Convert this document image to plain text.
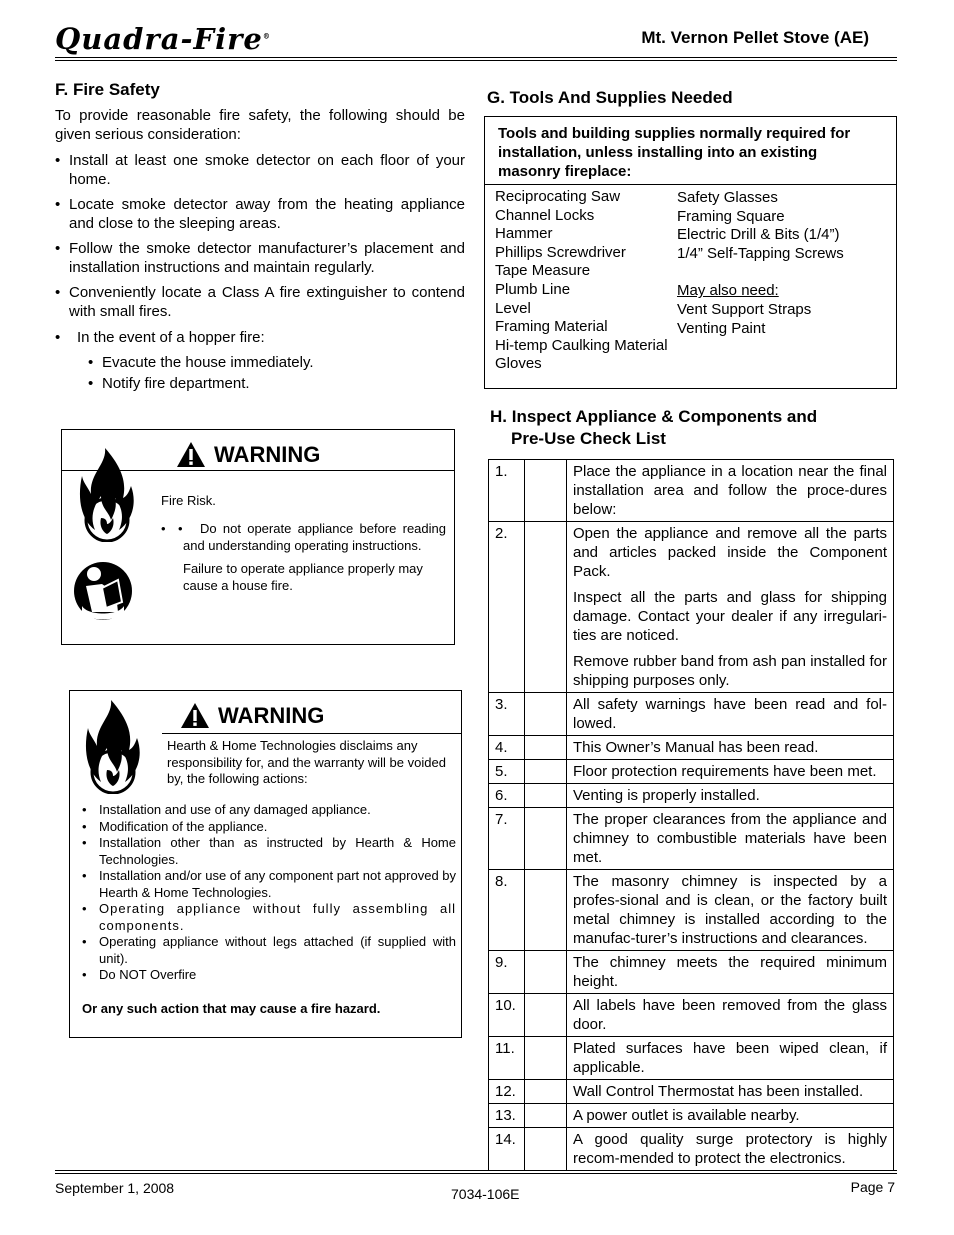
Quadra-Fire®	Mt. Vernon Pellet Stove (AE)
F. Fire Safety
To provide reasonable fire safety, the following should be given serious consideration:
• Install at least one smoke detector on each floor of your home.
• Locate smoke detector away from the heating appliance and close to the sleeping areas.
• Follow the smoke detector manufacturer’s placement and installation instructions and maintain regularly.
• Conveniently locate a Class A fire extinguisher to contend with small fires.
• In the event of a hopper fire:
• Evacute the house immediately.
• Notify fire department.
WARNING
Fire Risk.
• • Do not operate appliance before reading and understanding operating instructions.
Failure to operate appliance properly may cause a house fire.
WARNING
Hearth & Home Technologies disclaims any responsibility for, and the warranty will be voided by, the following actions:
• Installation and use of any damaged appliance.
• Modification of the appliance.
• Installation other than as instructed by Hearth & Home Technologies.
• Installation and/or use of any component part not approved by Hearth & Home Technologies.
• Operating appliance without fully assembling all components.
• Operating appliance without legs attached (if supplied with unit).
• Do NOT Overfire
Or any such action that may cause a fire hazard.
G. Tools And Supplies Needed
Tools and building supplies normally required for installation, unless installing into an existing masonry fireplace:
Reciprocating Saw
Channel Locks
Hammer
Phillips Screwdriver
Tape Measure
Plumb Line
Level
Framing Material
Hi-temp Caulking Material
Gloves
Safety Glasses
Framing Square
Electric Drill & Bits (1/4”)
1/4” Self-Tapping Screws
May also need:
Vent Support Straps
Venting Paint
H. Inspect Appliance & Components and
Pre-Use Check List
1.		Place the appliance in a location near the final installation area and follow the proce-dures below:

2.		Open the appliance and remove all the parts and articles packed inside the Component Pack.

Inspect all the parts and glass for shipping damage. Contact your dealer if any irregulari-ties are noticed.

Remove rubber band from ash pan installed for shipping purposes only.

3.		All safety warnings have been read and fol-lowed.

4.		This Owner’s Manual has been read.

5.		Floor protection requirements have been met.

6.		Venting is properly installed.

7.		The proper clearances from the appliance and chimney to combustible materials have been met.

8.		The masonry chimney is inspected by a profes-sional and is clean, or the factory built metal chimney is installed according to the manufac-turer’s instructions and clearances.

9.		The chimney meets the required minimum height.

10.		All labels have been removed from the glass door.

11.		Plated surfaces have been wiped clean, if applicable.

12.		Wall Control Thermostat has been installed.

13.		A power outlet is available nearby.

14.		A good quality surge protectory is highly recom-mended to protect the electronics.

September 1, 2008	7034-106E	Page 7
